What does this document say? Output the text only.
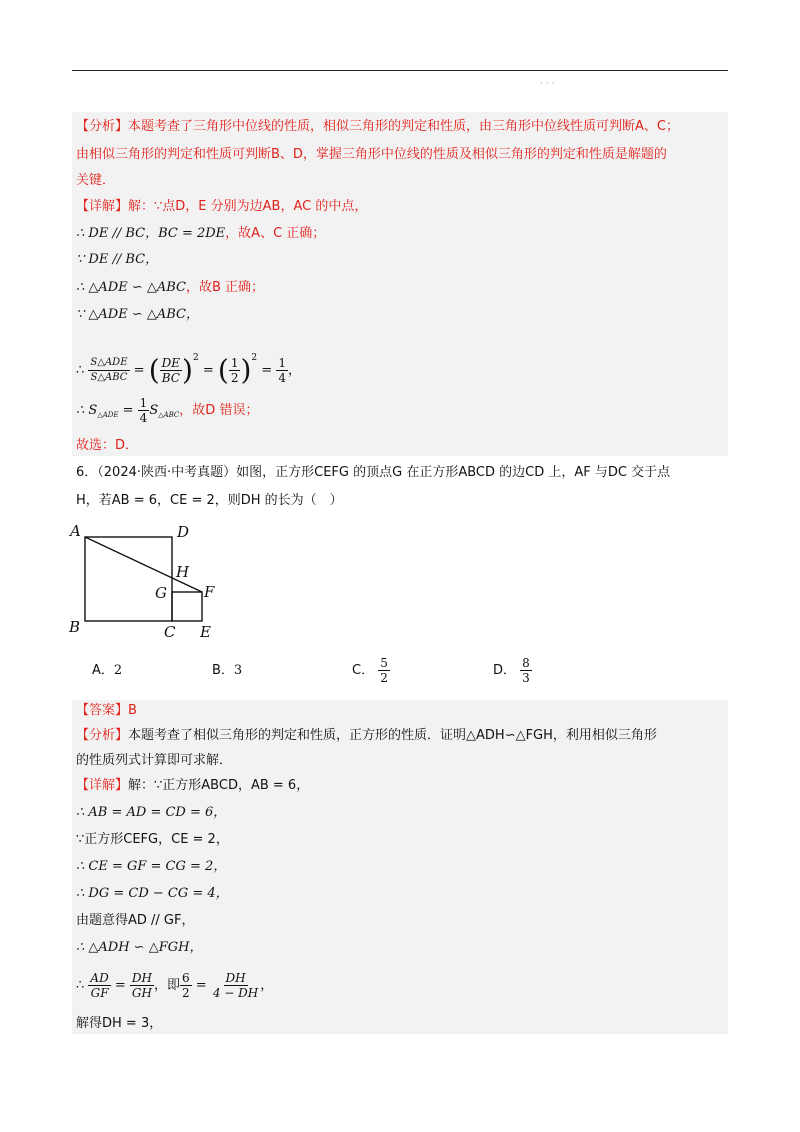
· · ·
【分析】本题考查了三角形中位线的性质，相似三角形的判定和性质，由三角形中位线性质可判断A、C；
由相似三角形的判定和性质可判断B、D，掌握三角形中位线的性质及相似三角形的判定和性质是解题的
关键．
【详解】解：∵点D，E 分别为边AB，AC 的中点，
∴ DE // BC，BC = 2DE，故A、C 正确；
∵ DE // BC，
∴ △ADE ∽ △ABC，故B 正确；
∵ △ADE ∽ △ABC，
∴ $\frac{\text{S△ADE}}{\text{S△ABC}}$ = ( $\frac{DE}{BC} )^2$ = ( $\frac{1}{2} )^2 = \frac{1}{4}$ ，
∴ $S_{\triangle ADE} = \frac{1}{4} S_{\triangle ABC}$，故D 错误；
故选：D．
6．（2024·陕西·中考真题）如图，正方形CEFG 的顶点G 在正方形ABCD 的边CD 上，AF 与DC 交于点
H，若AB = 6，CE = 2，则DH 的长为（　）
A	D
H
G F
B	C E
A．2	B．3	C． $\frac{5}{2}$	D． $\frac{8}{3}$
【答案】B
【分析】本题考查了相似三角形的判定和性质，正方形的性质．证明△ADH∽△FGH，利用相似三角形
的性质列式计算即可求解．
【详解】解：∵正方形ABCD，AB = 6，
∴ AB = AD = CD = 6，
∵正方形CEFG，CE = 2，
∴ CE = GF = CG = 2，
∴ DG = CD − CG = 4，
由题意得AD // GF，
∴ △ADH ∽ △FGH，
∴ $\frac{AD}{GF} = \frac{DH}{GH}$ ，即 $\frac{6}{2} = \frac{DH}{4 - DH}$ ，
解得DH = 3，
